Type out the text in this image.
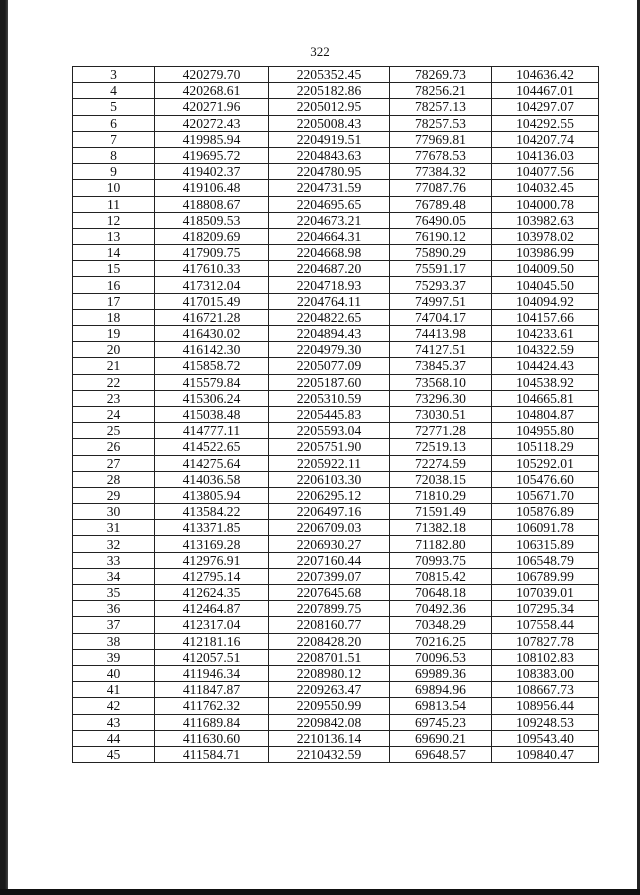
322
3	420279.70	2205352.45	78269.73	104636.42
4	420268.61	2205182.86	78256.21	104467.01
5	420271.96	2205012.95	78257.13	104297.07
6	420272.43	2205008.43	78257.53	104292.55
7	419985.94	2204919.51	77969.81	104207.74
8	419695.72	2204843.63	77678.53	104136.03
9	419402.37	2204780.95	77384.32	104077.56
10	419106.48	2204731.59	77087.76	104032.45
11	418808.67	2204695.65	76789.48	104000.78
12	418509.53	2204673.21	76490.05	103982.63
13	418209.69	2204664.31	76190.12	103978.02
14	417909.75	2204668.98	75890.29	103986.99
15	417610.33	2204687.20	75591.17	104009.50
16	417312.04	2204718.93	75293.37	104045.50
17	417015.49	2204764.11	74997.51	104094.92
18	416721.28	2204822.65	74704.17	104157.66
19	416430.02	2204894.43	74413.98	104233.61
20	416142.30	2204979.30	74127.51	104322.59
21	415858.72	2205077.09	73845.37	104424.43
22	415579.84	2205187.60	73568.10	104538.92
23	415306.24	2205310.59	73296.30	104665.81
24	415038.48	2205445.83	73030.51	104804.87
25	414777.11	2205593.04	72771.28	104955.80
26	414522.65	2205751.90	72519.13	105118.29
27	414275.64	2205922.11	72274.59	105292.01
28	414036.58	2206103.30	72038.15	105476.60
29	413805.94	2206295.12	71810.29	105671.70
30	413584.22	2206497.16	71591.49	105876.89
31	413371.85	2206709.03	71382.18	106091.78
32	413169.28	2206930.27	71182.80	106315.89
33	412976.91	2207160.44	70993.75	106548.79
34	412795.14	2207399.07	70815.42	106789.99
35	412624.35	2207645.68	70648.18	107039.01
36	412464.87	2207899.75	70492.36	107295.34
37	412317.04	2208160.77	70348.29	107558.44
38	412181.16	2208428.20	70216.25	107827.78
39	412057.51	2208701.51	70096.53	108102.83
40	411946.34	2208980.12	69989.36	108383.00
41	411847.87	2209263.47	69894.96	108667.73
42	411762.32	2209550.99	69813.54	108956.44
43	411689.84	2209842.08	69745.23	109248.53
44	411630.60	2210136.14	69690.21	109543.40
45	411584.71	2210432.59	69648.57	109840.47
